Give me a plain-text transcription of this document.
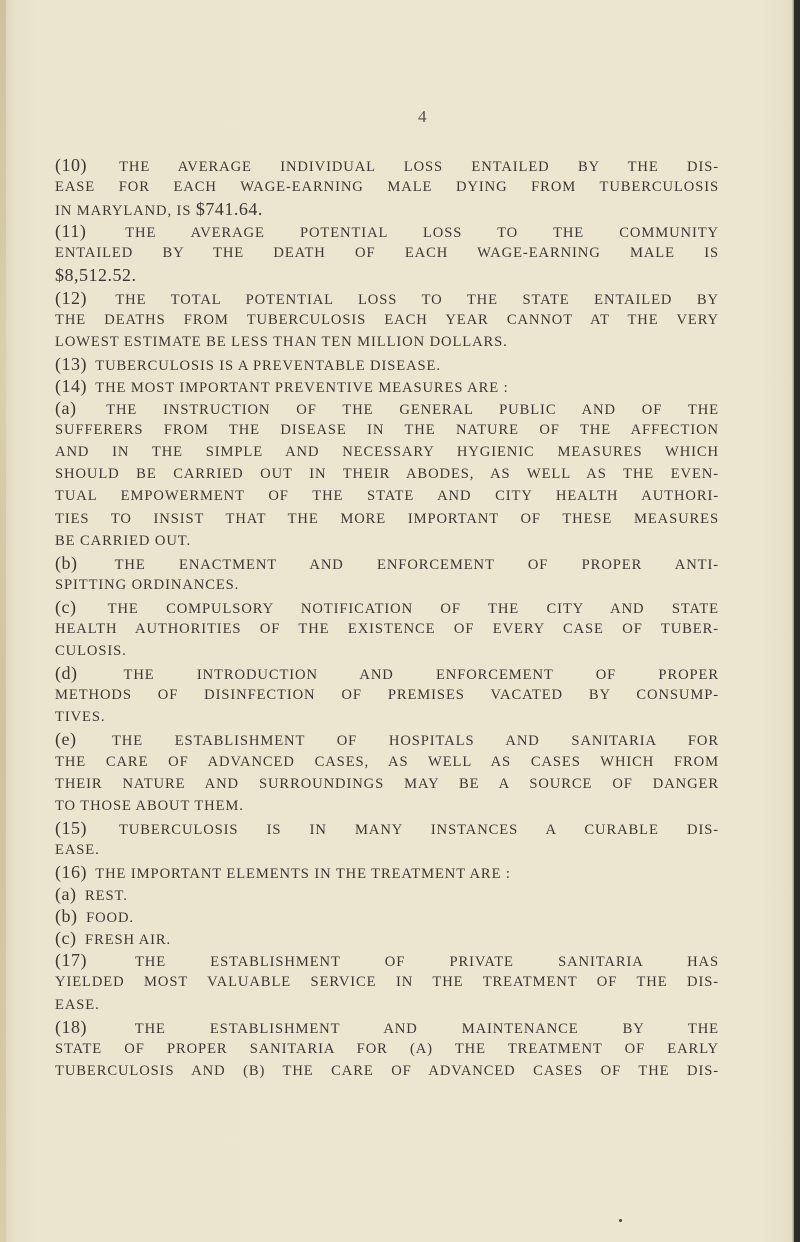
4
(10) THE AVERAGE INDIVIDUAL LOSS ENTAILED BY THE DIS-
EASE FOR EACH WAGE-EARNING MALE DYING FROM TUBERCULOSIS
IN MARYLAND, IS $741.64.
(11)	THE AVERAGE POTENTIAL LOSS TO THE COMMUNITY
ENTAILED BY THE DEATH OF EACH WAGE-EARNING MALE IS
$8,512.52.
(12) THE TOTAL POTENTIAL LOSS TO THE STATE ENTAILED BY
THE DEATHS FROM TUBERCULOSIS EACH YEAR CANNOT AT THE VERY
LOWEST ESTIMATE BE LESS THAN TEN MILLION DOLLARS.
(13) TUBERCULOSIS IS A PREVENTABLE DISEASE.
(14) THE MOST IMPORTANT PREVENTIVE MEASURES ARE :
(a) THE INSTRUCTION OF THE GENERAL PUBLIC AND OF THE
SUFFERERS FROM THE DISEASE IN THE NATURE OF THE AFFECTION
AND IN THE SIMPLE AND NECESSARY HYGIENIC MEASURES WHICH
SHOULD BE CARRIED OUT IN THEIR ABODES, AS WELL AS THE EVEN-
TUAL EMPOWERMENT OF THE STATE AND CITY HEALTH AUTHORI-
TIES TO INSIST THAT THE MORE IMPORTANT OF THESE MEASURES
BE CARRIED OUT.
(b)	THE ENACTMENT AND ENFORCEMENT OF PROPER ANTI-
SPITTING ORDINANCES.
(c) THE COMPULSORY NOTIFICATION OF THE CITY AND STATE
HEALTH AUTHORITIES OF THE EXISTENCE OF EVERY CASE OF TUBER-
CULOSIS.
(d)	THE INTRODUCTION AND ENFORCEMENT OF PROPER
METHODS OF DISINFECTION OF PREMISES VACATED BY CONSUMP-
TIVES.
(e) THE ESTABLISHMENT OF HOSPITALS AND SANITARIA FOR
THE CARE OF ADVANCED CASES, AS WELL AS CASES WHICH FROM
THEIR NATURE AND SURROUNDINGS MAY BE A SOURCE OF DANGER
TO THOSE ABOUT THEM.
(15) TUBERCULOSIS IS IN MANY INSTANCES A CURABLE DIS-
EASE.
(16) THE IMPORTANT ELEMENTS IN THE TREATMENT ARE :
(a) REST.
(b) FOOD.
(c) FRESH AIR.
(17)	THE ESTABLISHMENT OF PRIVATE SANITARIA HAS
YIELDED MOST VALUABLE SERVICE IN THE TREATMENT OF THE DIS-
EASE.
(18)	THE ESTABLISHMENT AND MAINTENANCE BY THE
STATE OF PROPER SANITARIA FOR (A) THE TREATMENT OF EARLY
TUBERCULOSIS AND (B) THE CARE OF ADVANCED CASES OF THE DIS-
